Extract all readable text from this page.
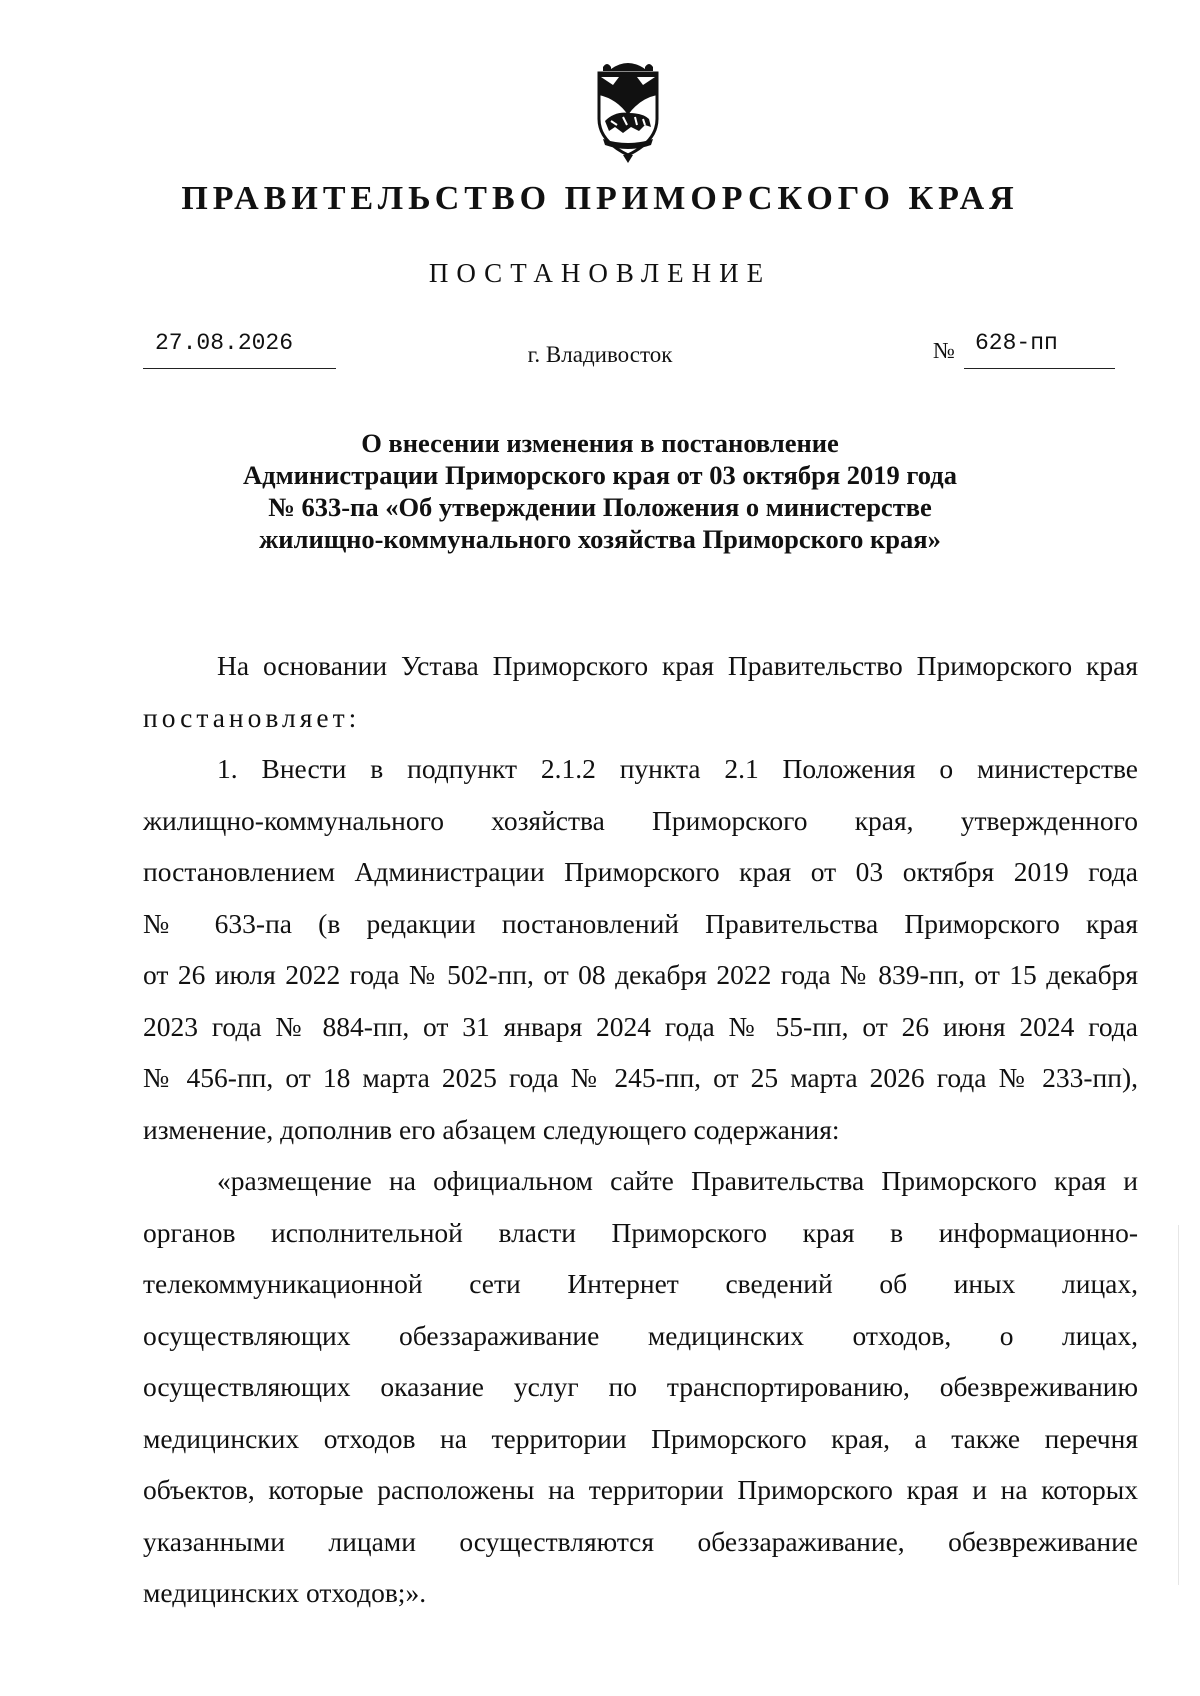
ПРАВИТЕЛЬСТВО ПРИМОРСКОГО КРАЯ
ПОСТАНОВЛЕНИЕ
27.08.2026	г. Владивосток	№ 628-пп
О внесении изменения в постановление
Администрации Приморского края от 03 октября 2019 года
№ 633-па «Об утверждении Положения о министерстве
жилищно-коммунального хозяйства Приморского края»
На основании Устава Приморского края Правительство Приморского края
постановляет:
1. Внести в подпункт 2.1.2 пункта 2.1 Положения о министерстве
жилищно-коммунального хозяйства Приморского края, утвержденного
постановлением Администрации Приморского края от 03 октября 2019 года
№ 633-па (в редакции постановлений Правительства Приморского края
от 26 июля 2022 года № 502-пп, от 08 декабря 2022 года № 839-пп, от 15 декабря
2023 года № 884-пп, от 31 января 2024 года № 55-пп, от 26 июня 2024 года
№ 456-пп, от 18 марта 2025 года № 245-пп, от 25 марта 2026 года № 233-пп),
изменение, дополнив его абзацем следующего содержания:
«размещение на официальном сайте Правительства Приморского края и
органов исполнительной власти Приморского края в информационно-
телекоммуникационной сети Интернет сведений об иных лицах,
осуществляющих обеззараживание медицинских отходов, о лицах,
осуществляющих оказание услуг по транспортированию, обезвреживанию
медицинских отходов на территории Приморского края, а также перечня
объектов, которые расположены на территории Приморского края и на которых
указанными лицами осуществляются обеззараживание, обезвреживание
медицинских отходов;».
